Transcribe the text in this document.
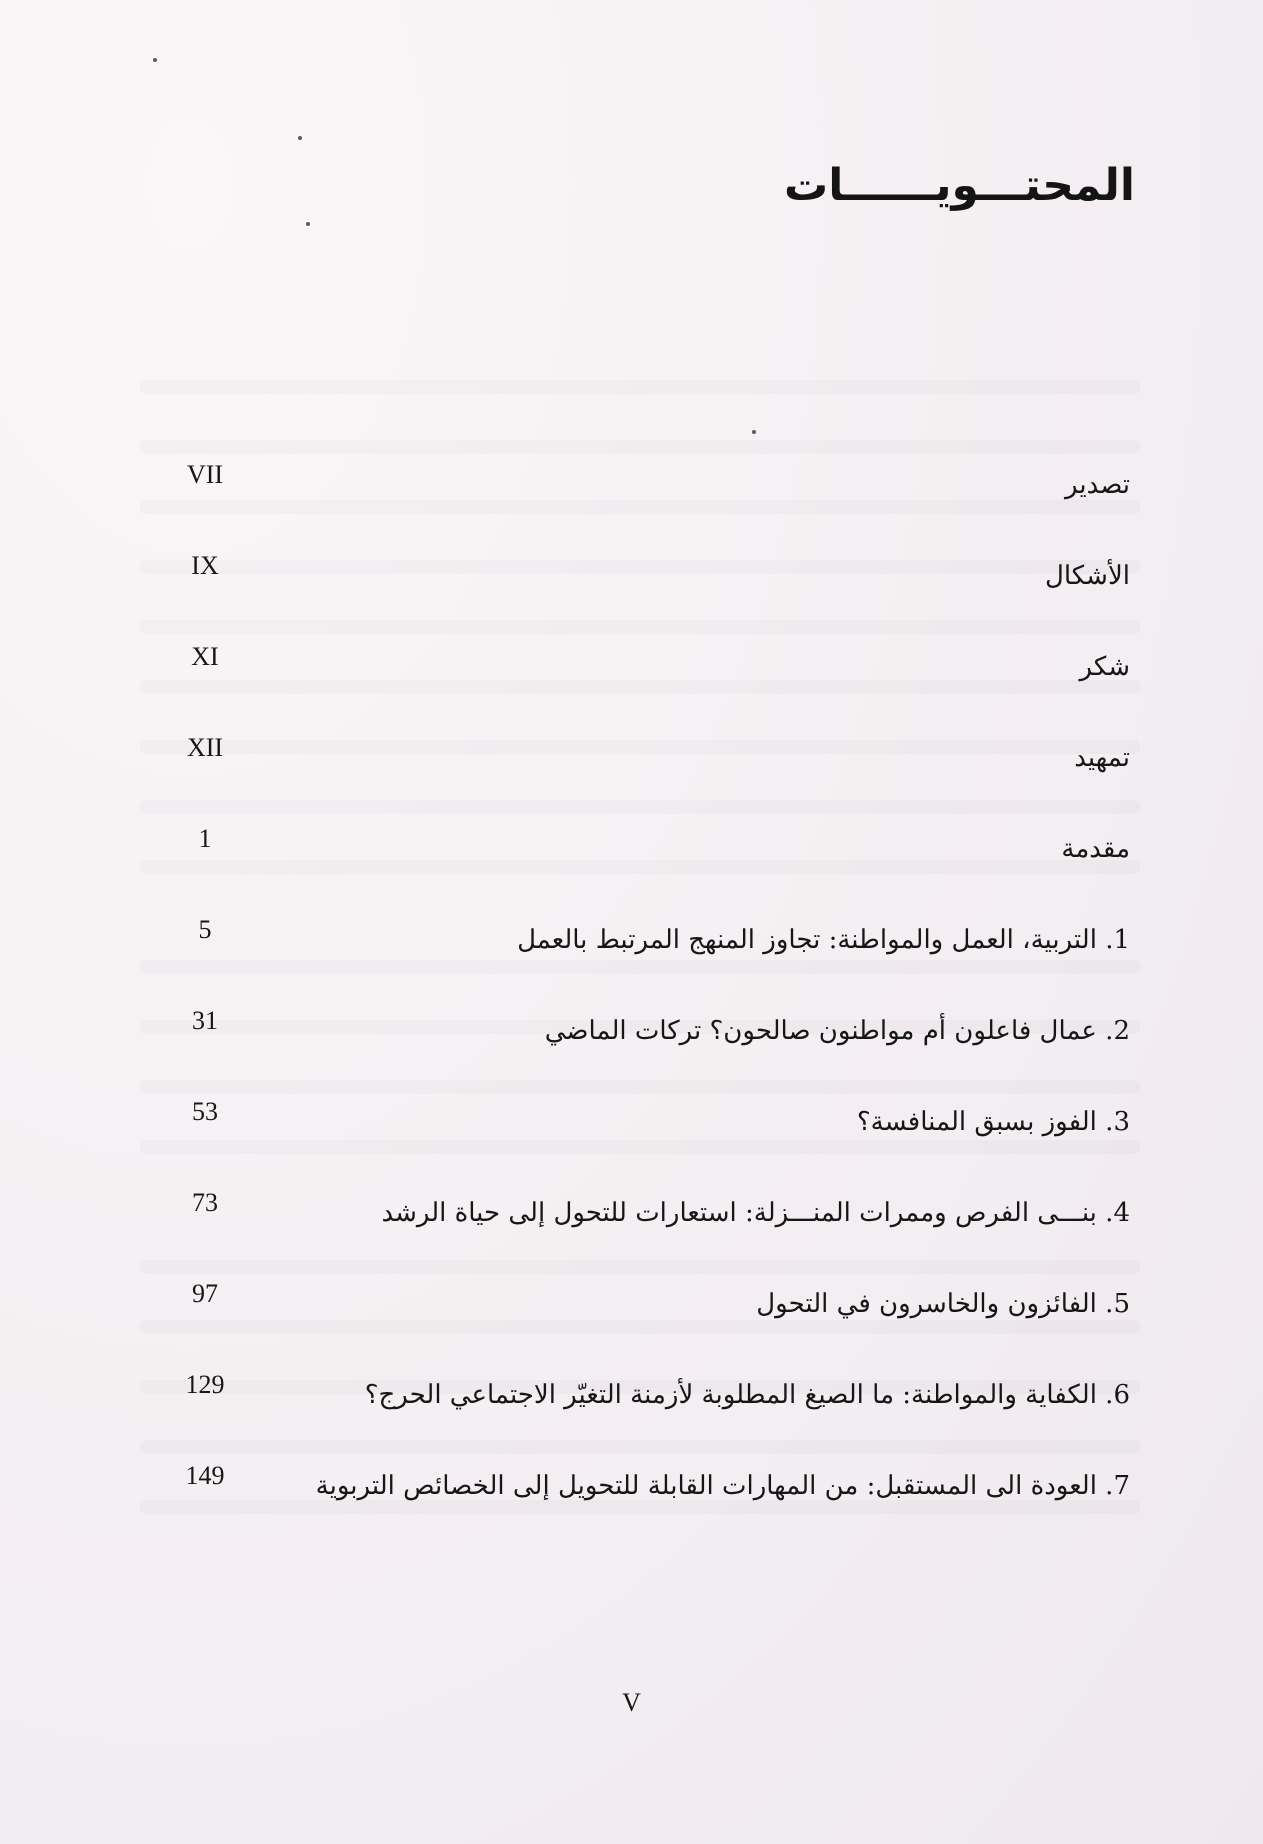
المحتـــويــــــات
VII	تصدير
IX	الأشكال
XI	شكر
XII	تمهيد
1	مقدمة
5	1. التربية، العمل والمواطنة: تجاوز المنهج المرتبط بالعمل
31	2. عمال فاعلون أم مواطنون صالحون؟ تركات الماضي
53	3. الفوز بسبق المنافسة؟
73	4. بنـــى الفرص وممرات المنـــزلة: استعارات للتحول إلى حياة الرشد
97	5. الفائزون والخاسرون في التحول
129	6. الكفاية والمواطنة: ما الصيغ المطلوبة لأزمنة التغيّر الاجتماعي الحرج؟
149	7. العودة الى المستقبل: من المهارات القابلة للتحويل إلى الخصائص التربوية
V
